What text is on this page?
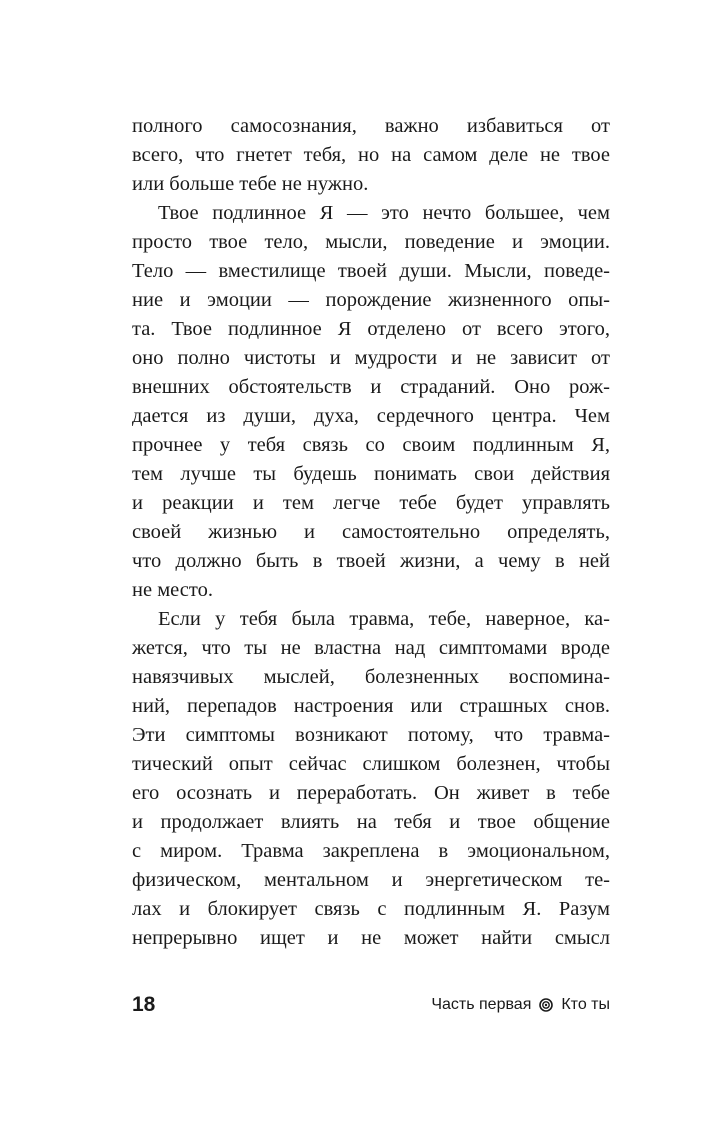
полного самосознания, важно избавиться от
всего, что гнетет тебя, но на самом деле не твое
или больше тебе не нужно.
Твое подлинное Я — это нечто большее, чем
просто твое тело, мысли, поведение и эмоции.
Тело — вместилище твоей души. Мысли, поведе-
ние и эмоции — порождение жизненного опы-
та. Твое подлинное Я отделено от всего этого,
оно полно чистоты и мудрости и не зависит от
внешних обстоятельств и страданий. Оно рож-
дается из души, духа, сердечного центра. Чем
прочнее у тебя связь со своим подлинным Я,
тем лучше ты будешь понимать свои действия
и реакции и тем легче тебе будет управлять
своей жизнью и самостоятельно определять,
что должно быть в твоей жизни, а чему в ней
не место.
Если у тебя была травма, тебе, наверное, ка-
жется, что ты не властна над симптомами вроде
навязчивых мыслей, болезненных воспомина-
ний, перепадов настроения или страшных снов.
Эти симптомы возникают потому, что травма-
тический опыт сейчас слишком болезнен, чтобы
его осознать и переработать. Он живет в тебе
и продолжает влиять на тебя и твое общение
с миром. Травма закреплена в эмоциональном,
физическом, ментальном и энергетическом те-
лах и блокирует связь с подлинным Я. Разум
непрерывно ищет и не может найти смысл
18	Часть первая Кто ты
